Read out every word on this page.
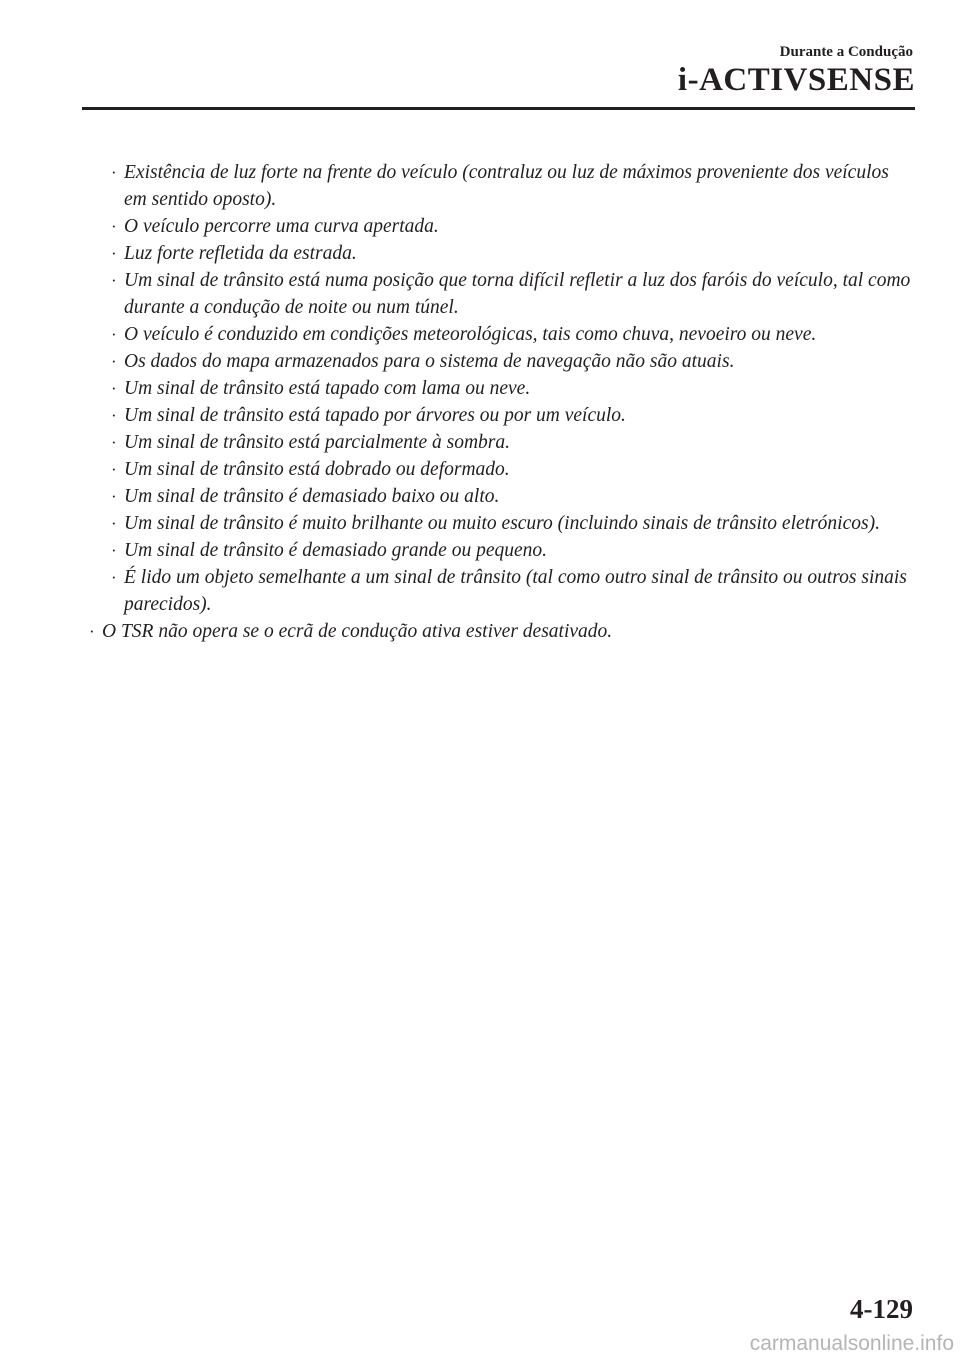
Durante a Condução
i-ACTIVSENSE

· Existência de luz forte na frente do veículo (contraluz ou luz de máximos proveniente dos veículos em sentido oposto).

· O veículo percorre uma curva apertada.

· Luz forte refletida da estrada.

· Um sinal de trânsito está numa posição que torna difícil refletir a luz dos faróis do veículo, tal como durante a condução de noite ou num túnel.

· O veículo é conduzido em condições meteorológicas, tais como chuva, nevoeiro ou neve.

· Os dados do mapa armazenados para o sistema de navegação não são atuais.

· Um sinal de trânsito está tapado com lama ou neve.

· Um sinal de trânsito está tapado por árvores ou por um veículo.

· Um sinal de trânsito está parcialmente à sombra.

· Um sinal de trânsito está dobrado ou deformado.

· Um sinal de trânsito é demasiado baixo ou alto.

· Um sinal de trânsito é muito brilhante ou muito escuro (incluindo sinais de trânsito eletrónicos).

· Um sinal de trânsito é demasiado grande ou pequeno.

· É lido um objeto semelhante a um sinal de trânsito (tal como outro sinal de trânsito ou outros sinais parecidos).

· O TSR não opera se o ecrã de condução ativa estiver desativado.

4-129
carmanualsonline.info
